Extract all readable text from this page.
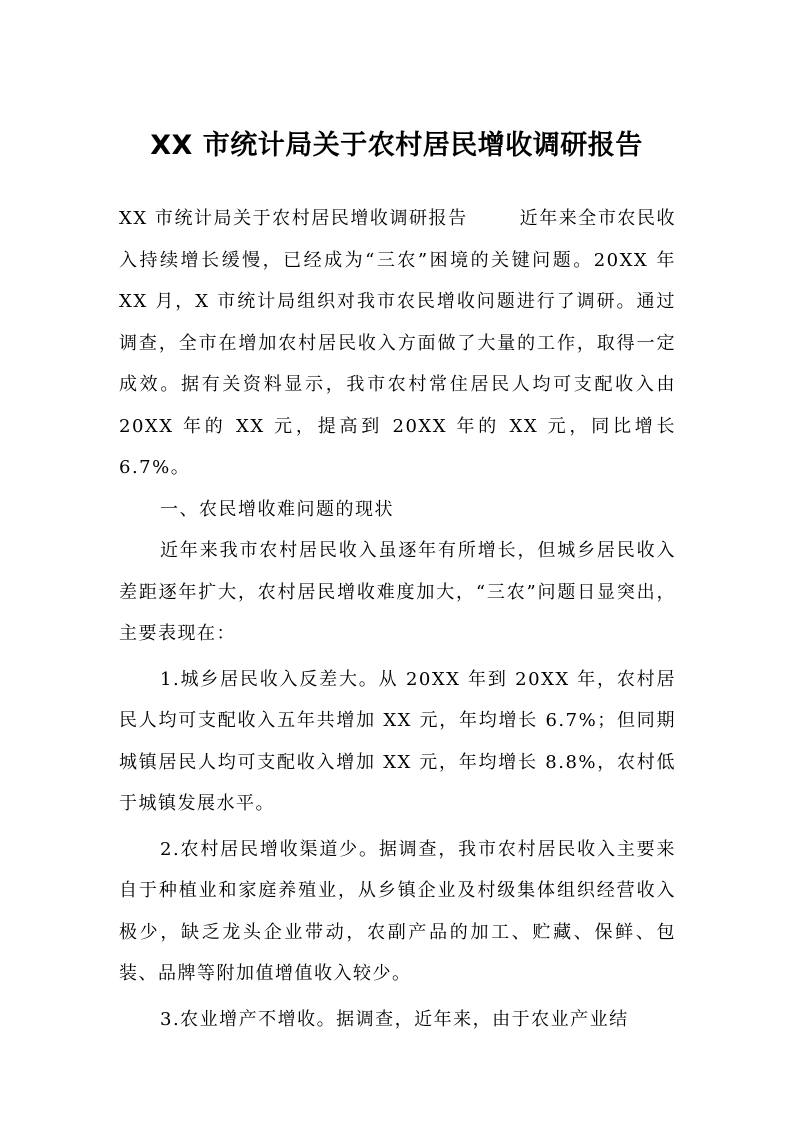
XX 市统计局关于农村居民增收调研报告

XX 市统计局关于农村居民增收调研报告	近年来全市农民收入持续增长缓慢，已经成为“三农”困境的关键问题。20XX 年 XX 月，X 市统计局组织对我市农民增收问题进行了调研。通过调查，全市在增加农村居民收入方面做了大量的工作，取得一定成效。据有关资料显示，我市农村常住居民人均可支配收入由 20XX 年的 XX 元，提高到 20XX 年的 XX 元，同比增长 6.7%。

一、农民增收难问题的现状

近年来我市农村居民收入虽逐年有所增长，但城乡居民收入差距逐年扩大，农村居民增收难度加大，“三农”问题日显突出，主要表现在：

1.城乡居民收入反差大。从 20XX 年到 20XX 年，农村居民人均可支配收入五年共增加 XX 元，年均增长 6.7%；但同期城镇居民人均可支配收入增加 XX 元，年均增长 8.8%，农村低于城镇发展水平。

2.农村居民增收渠道少。据调查，我市农村居民收入主要来自于种植业和家庭养殖业，从乡镇企业及村级集体组织经营收入极少，缺乏龙头企业带动，农副产品的加工、贮藏、保鲜、包装、品牌等附加值增值收入较少。

3.农业增产不增收。据调查，近年来，由于农业产业结
